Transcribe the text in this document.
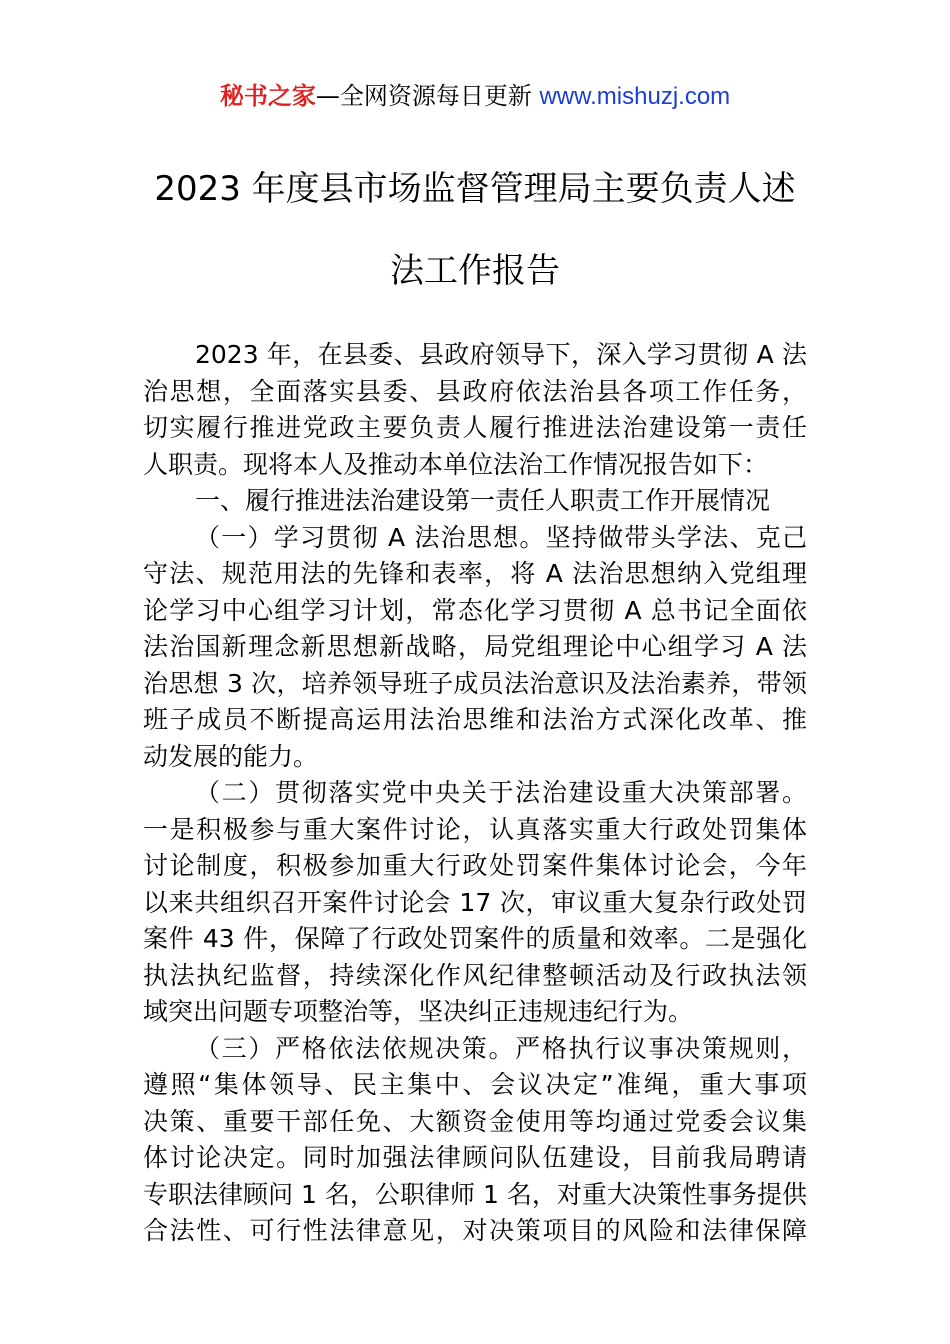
秘书之家—全网资源每日更新 www.mishuzj.com
2023 年度县市场监督管理局主要负责人述
法工作报告
2023 年，在县委、县政府领导下，深入学习贯彻 A 法
治思想，全面落实县委、县政府依法治县各项工作任务，
切实履行推进党政主要负责人履行推进法治建设第一责任
人职责。现将本人及推动本单位法治工作情况报告如下：
一、履行推进法治建设第一责任人职责工作开展情况
（一）学习贯彻 A 法治思想。坚持做带头学法、克己
守法、规范用法的先锋和表率，将 A 法治思想纳入党组理
论学习中心组学习计划，常态化学习贯彻 A 总书记全面依
法治国新理念新思想新战略，局党组理论中心组学习 A 法
治思想 3 次，培养领导班子成员法治意识及法治素养，带领
班子成员不断提高运用法治思维和法治方式深化改革、推
动发展的能力。
（二）贯彻落实党中央关于法治建设重大决策部署。
一是积极参与重大案件讨论，认真落实重大行政处罚集体
讨论制度，积极参加重大行政处罚案件集体讨论会，今年
以来共组织召开案件讨论会 17 次，审议重大复杂行政处罚
案件 43 件，保障了行政处罚案件的质量和效率。二是强化
执法执纪监督，持续深化作风纪律整顿活动及行政执法领
域突出问题专项整治等，坚决纠正违规违纪行为。
（三）严格依法依规决策。严格执行议事决策规则，
遵照“集体领导、民主集中、会议决定”准绳，重大事项
决策、重要干部任免、大额资金使用等均通过党委会议集
体讨论决定。同时加强法律顾问队伍建设，目前我局聘请
专职法律顾问 1 名，公职律师 1 名，对重大决策性事务提供
合法性、可行性法律意见，对决策项目的风险和法律保障
